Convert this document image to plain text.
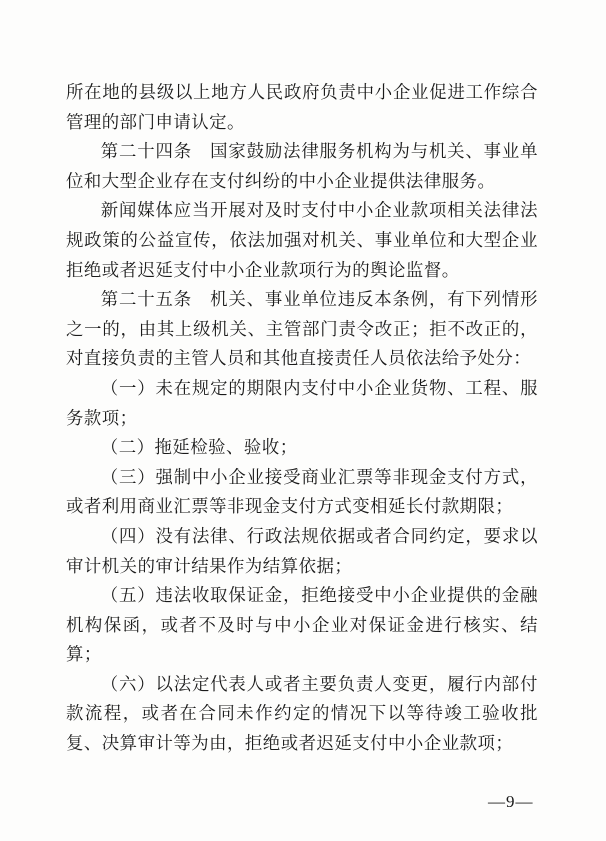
所在地的县级以上地方人民政府负责中小企业促进工作综合管理的部门申请认定。

第二十四条　国家鼓励法律服务机构为与机关、事业单位和大型企业存在支付纠纷的中小企业提供法律服务。

新闻媒体应当开展对及时支付中小企业款项相关法律法规政策的公益宣传，依法加强对机关、事业单位和大型企业拒绝或者迟延支付中小企业款项行为的舆论监督。

第二十五条　机关、事业单位违反本条例，有下列情形之一的，由其上级机关、主管部门责令改正；拒不改正的，对直接负责的主管人员和其他直接责任人员依法给予处分：

（一）未在规定的期限内支付中小企业货物、工程、服务款项；

（二）拖延检验、验收；

（三）强制中小企业接受商业汇票等非现金支付方式，或者利用商业汇票等非现金支付方式变相延长付款期限；

（四）没有法律、行政法规依据或者合同约定，要求以审计机关的审计结果作为结算依据；

（五）违法收取保证金，拒绝接受中小企业提供的金融机构保函，或者不及时与中小企业对保证金进行核实、结算；

（六）以法定代表人或者主要负责人变更，履行内部付款流程，或者在合同未作约定的情况下以等待竣工验收批复、决算审计等为由，拒绝或者迟延支付中小企业款项；

—9—
